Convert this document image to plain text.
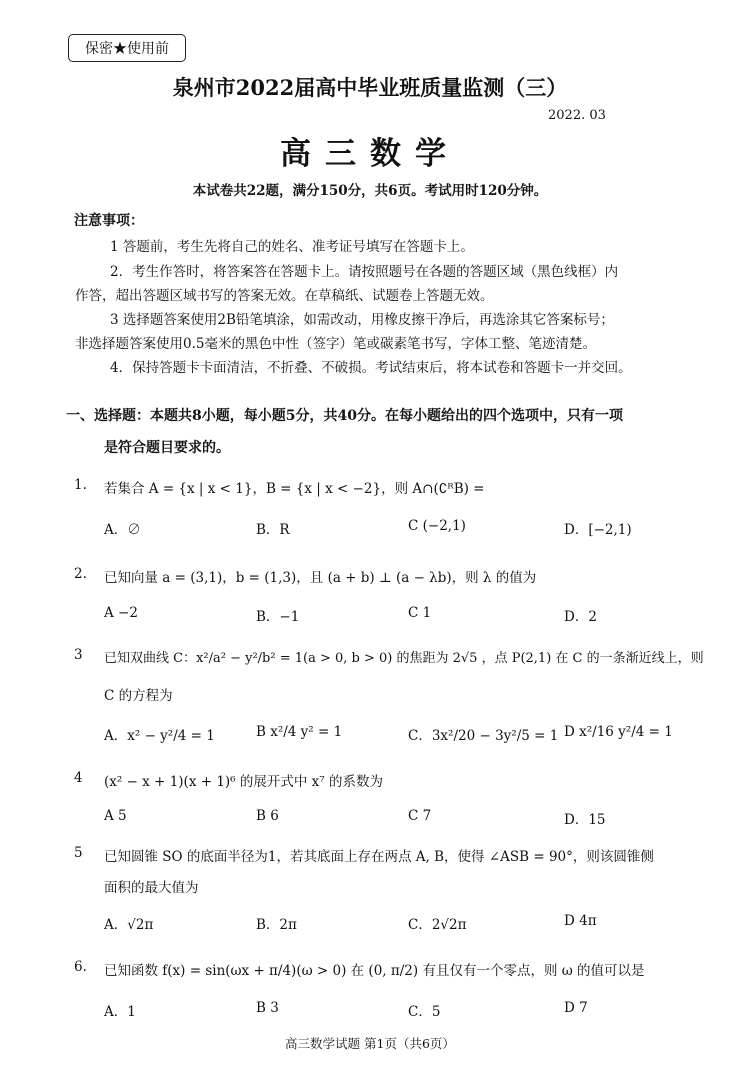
保密★使用前
泉州市2022届高中毕业班质量监测（三）
2022. 03
高三数学
本试卷共22题，满分150分，共6页。考试用时120分钟。
注意事项：
1 答题前，考生先将自己的姓名、准考证号填写在答题卡上。
2．考生作答时，将答案答在答题卡上。请按照题号在各题的答题区域（黑色线框）内
作答，超出答题区域书写的答案无效。在草稿纸、试题卷上答题无效。
3 选择题答案使用2B铅笔填涂，如需改动，用橡皮擦干净后，再选涂其它答案标号；
非选择题答案使用0.5毫米的黑色中性（签字）笔或碳素笔书写，字体工整、笔迹清楚。
4．保持答题卡卡面清洁，不折叠、不破损。考试结束后，将本试卷和答题卡一并交回。
一、选择题：本题共8小题，每小题5分，共40分。在每小题给出的四个选项中，只有一项
是符合题目要求的。
1. 若集合 A = {x | x < 1}，B = {x | x < −2}，则 A∩(∁ᴿB) =
A．∅	B．R	C (−2,1)	D．[−2,1)
2. 已知向量 a = (3,1)，b = (1,3)，且 (a + b) ⊥ (a − λb)，则 λ 的值为
A −2	B．−1	C 1	D．2
3 已知双曲线 C：x²/a² − y²/b² = 1(a > 0, b > 0) 的焦距为 2√5 ，点 P(2,1) 在 C 的一条渐近线上，则
C 的方程为
A．x² − y²/4 = 1	B x²/4 y² = 1	C．3x²/20 − 3y²/5 = 1 D x²/16 y²/4 = 1
4 (x² − x + 1)(x + 1)⁶ 的展开式中 x⁷ 的系数为
A 5	B 6	C 7	D．15
5 已知圆锥 SO 的底面半径为1，若其底面上存在两点 A, B，使得 ∠ASB = 90°，则该圆锥侧
面积的最大值为
A．√2π	B．2π	C．2√2π	D 4π
6. 已知函数 f(x) = sin(ωx + π/4)(ω > 0) 在 (0, π/2) 有且仅有一个零点，则 ω 的值可以是
A．1	B 3	C．5	D 7
高三数学试题 第1页（共6页）
